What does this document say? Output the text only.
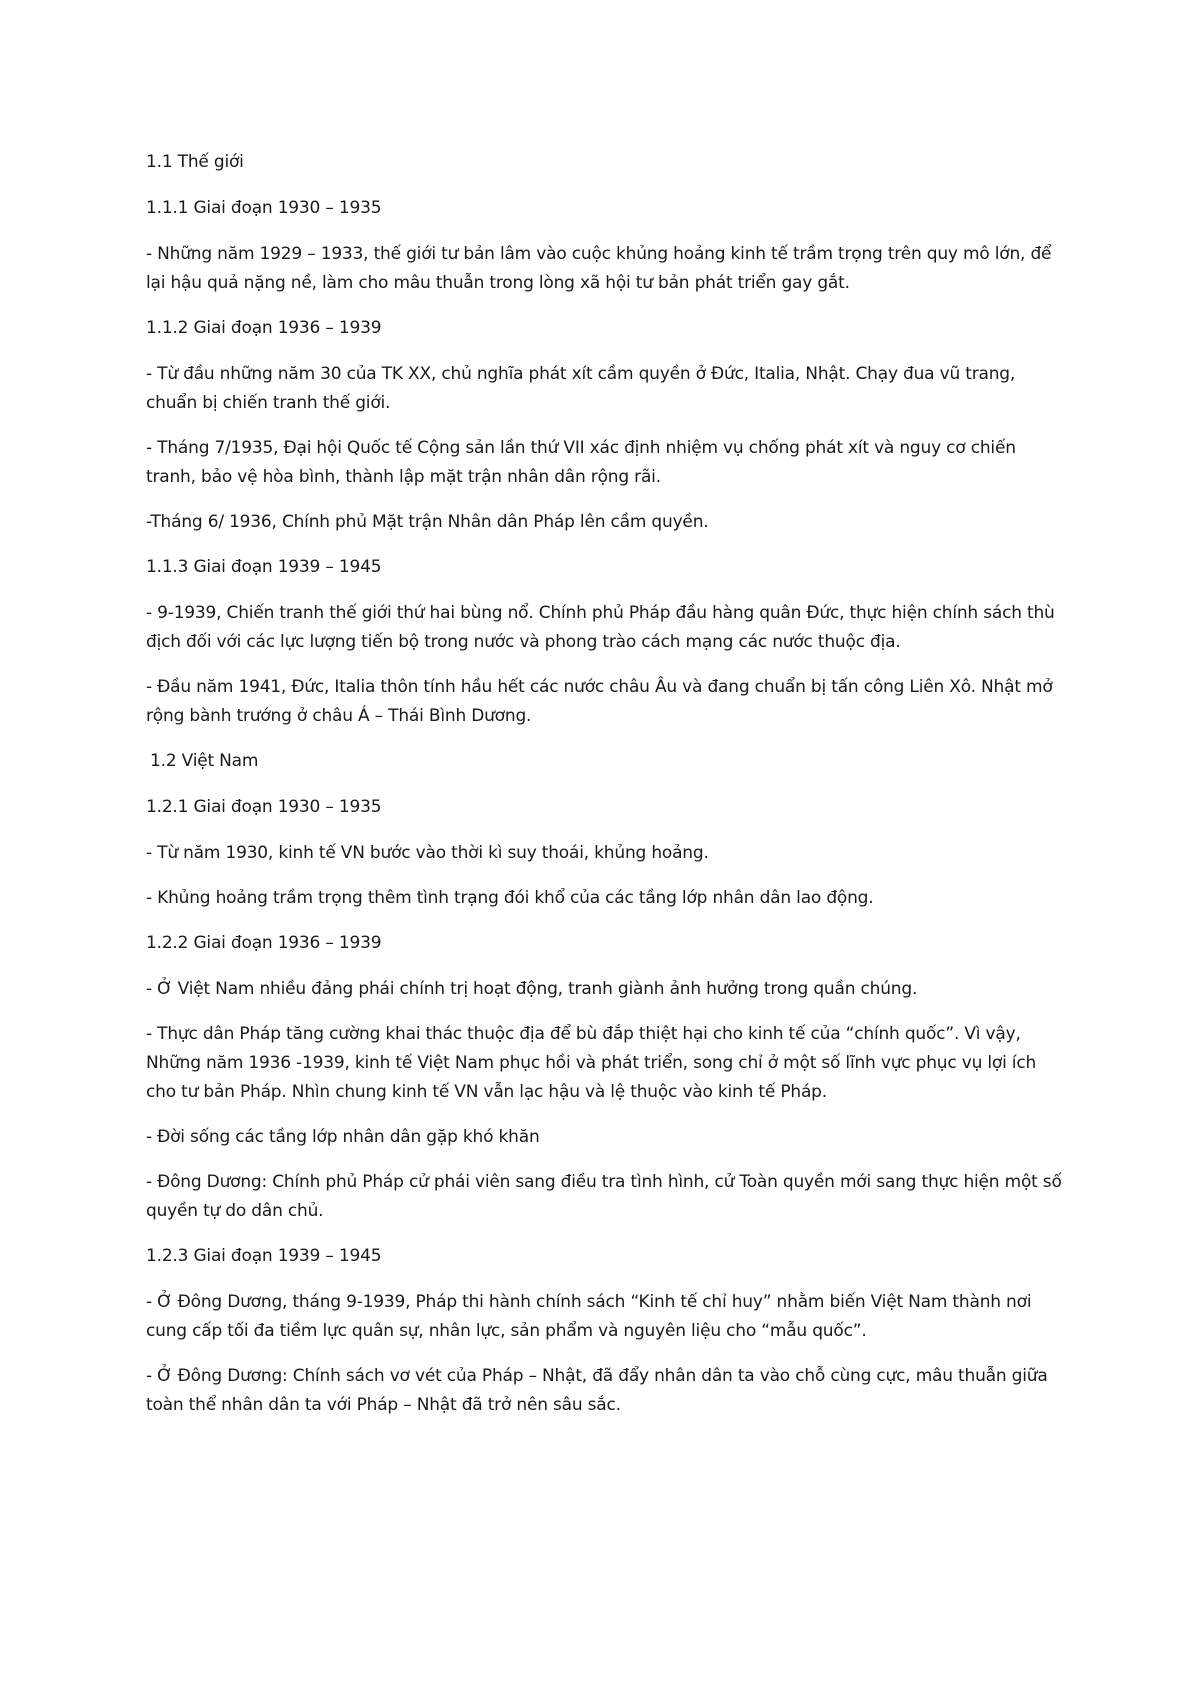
1.1 Thế giới

1.1.1 Giai đoạn 1930 – 1935

- Những năm 1929 – 1933, thế giới tư bản lâm vào cuộc khủng hoảng kinh tế trầm trọng trên quy mô lớn, để lại hậu quả nặng nề, làm cho mâu thuẫn trong lòng xã hội tư bản phát triển gay gắt.

1.1.2 Giai đoạn 1936 – 1939

- Từ đầu những năm 30 của TK XX, chủ nghĩa phát xít cầm quyền ở Đức, Italia, Nhật. Chạy đua vũ trang, chuẩn bị chiến tranh thế giới.

- Tháng 7/1935, Đại hội Quốc tế Cộng sản lần thứ VII xác định nhiệm vụ chống phát xít và nguy cơ chiến tranh, bảo vệ hòa bình, thành lập mặt trận nhân dân rộng rãi.

-Tháng 6/ 1936, Chính phủ Mặt trận Nhân dân Pháp lên cầm quyền.

1.1.3 Giai đoạn 1939 – 1945

- 9-1939, Chiến tranh thế giới thứ hai bùng nổ. Chính phủ Pháp đầu hàng quân Đức, thực hiện chính sách thù địch đối với các lực lượng tiến bộ trong nước và phong trào cách mạng các nước thuộc địa.

- Đầu năm 1941, Đức, Italia thôn tính hầu hết các nước châu Âu và đang chuẩn bị tấn công Liên Xô. Nhật mở rộng bành trướng ở châu Á – Thái Bình Dương.

1.2 Việt Nam

1.2.1 Giai đoạn 1930 – 1935

- Từ năm 1930, kinh tế VN bước vào thời kì suy thoái, khủng hoảng.

- Khủng hoảng trầm trọng thêm tình trạng đói khổ của các tầng lớp nhân dân lao động.

1.2.2 Giai đoạn 1936 – 1939

- Ở Việt Nam nhiều đảng phái chính trị hoạt động, tranh giành ảnh hưởng trong quần chúng.

- Thực dân Pháp tăng cường khai thác thuộc địa để bù đắp thiệt hại cho kinh tế của “chính quốc”. Vì vậy, Những năm 1936 -1939, kinh tế Việt Nam phục hồi và phát triển, song chỉ ở một số lĩnh vực phục vụ lợi ích cho tư bản Pháp. Nhìn chung kinh tế VN vẫn lạc hậu và lệ thuộc vào kinh tế Pháp.

- Đời sống các tầng lớp nhân dân gặp khó khăn

- Đông Dương: Chính phủ Pháp cử phái viên sang điều tra tình hình, cử Toàn quyền mới sang thực hiện một số quyền tự do dân chủ.

1.2.3 Giai đoạn 1939 – 1945

- Ở Đông Dương, tháng 9-1939, Pháp thi hành chính sách “Kinh tế chỉ huy” nhằm biến Việt Nam thành nơi cung cấp tối đa tiềm lực quân sự, nhân lực, sản phẩm và nguyên liệu cho “mẫu quốc”.

- Ở Đông Dương: Chính sách vơ vét của Pháp – Nhật, đã đẩy nhân dân ta vào chỗ cùng cực, mâu thuẫn giữa toàn thể nhân dân ta với Pháp – Nhật đã trở nên sâu sắc.
